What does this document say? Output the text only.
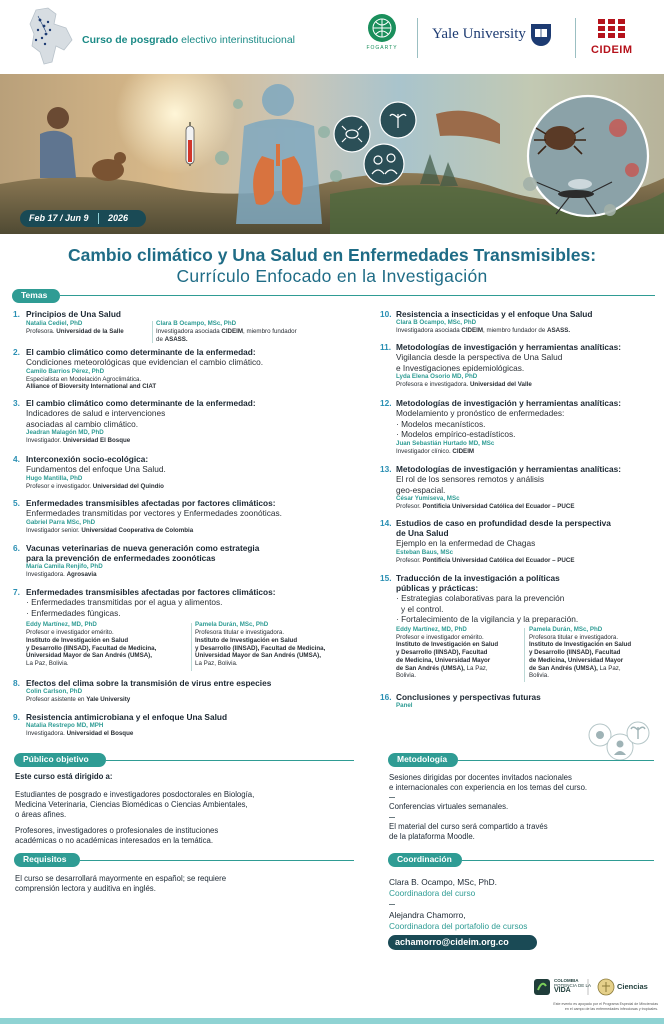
Curso de posgrado electivo interinstitucional
FOGARTY
Yale University
CIDEIM
Feb 17 / Jun 9 2026
Cambio climático y Una Salud en Enfermedades Transmisibles:
Currículo Enfocado en la Investigación
Temas
1. Principios de Una Salud
Natalia Cediel, PhD
Profesora. Universidad de la Salle
Clara B Ocampo, MSc, PhD
Investigadora asociada CIDEIM, miembro fundador
de ASASS.
2. El cambio climático como determinante de la enfermedad:
Condiciones meteorológicas que evidencian el cambio climático.
Camilo Barrios Pérez, PhD
Especialista en Modelación Agroclimática.
Alliance of Bioversity International and CIAT
3. El cambio climático como determinante de la enfermedad:
Indicadores de salud e intervenciones
asociadas al cambio climático.
Jeadran Malagón MD, PhD
Investigador. Universidad El Bosque
4. Interconexión socio-ecológica:
Fundamentos del enfoque Una Salud.
Hugo Mantilla, PhD
Profesor e investigador. Universidad del Quindío
5. Enfermedades transmisibles afectadas por factores climáticos:
Enfermedades transmitidas por vectores y Enfermedades zoonóticas.
Gabriel Parra MSc, PhD
Investigador senior. Universidad Cooperativa de Colombia
6. Vacunas veterinarias de nueva generación como estrategia
para la prevención de enfermedades zoonóticas
María Camila Renjifo, PhD
Investigadora. Agrosavia
7. Enfermedades transmisibles afectadas por factores climáticos:
· Enfermedades transmitidas por el agua y alimentos.
· Enfermedades fúngicas.
Eddy Martínez, MD, PhD
Profesor e investigador emérito.
Instituto de Investigación en Salud
y Desarrollo (IINSAD), Facultad de Medicina,
Universidad Mayor de San Andrés (UMSA),
La Paz, Bolivia.
Pamela Durán, MSc, PhD
Profesora titular e investigadora.
Instituto de Investigación en Salud
y Desarrollo (IINSAD), Facultad de Medicina,
Universidad Mayor de San Andrés (UMSA),
La Paz, Bolivia.
8. Efectos del clima sobre la transmisión de virus entre especies
Colin Carlson, PhD
Profesor asistente en Yale University
9. Resistencia antimicrobiana y el enfoque Una Salud
Natalia Restrepo MD, MPH
Investigadora. Universidad el Bosque
10. Resistencia a insecticidas y el enfoque Una Salud
Clara B Ocampo, MSc, PhD
Investigadora asociada CIDEIM, miembro fundador de ASASS.
11. Metodologías de investigación y herramientas analíticas:
Vigilancia desde la perspectiva de Una Salud
e Investigaciones epidemiológicas.
Lyda Elena Osorio MD, PhD
Profesora e investigadora. Universidad del Valle
12. Metodologías de investigación y herramientas analíticas:
Modelamiento y pronóstico de enfermedades:
· Modelos mecanísticos.
· Modelos empírico-estadísticos.
Juan Sebastián Hurtado MD, MSc
Investigador clínico. CIDEIM
13. Metodologías de investigación y herramientas analíticas:
El rol de los sensores remotos y análisis
geo-espacial.
César Yumiseva, MSc
Profesor. Pontificia Universidad Católica del Ecuador – PUCE
14. Estudios de caso en profundidad desde la perspectiva
de Una Salud
Ejemplo en la enfermedad de Chagas
Esteban Baus, MSc
Profesor. Pontificia Universidad Católica del Ecuador – PUCE
15. Traducción de la investigación a políticas
públicas y prácticas:
· Estrategias colaborativas para la prevención
y el control.
· Fortalecimiento de la vigilancia y la preparación.
Eddy Martínez, MD, PhD
Profesor e investigador emérito.
Instituto de Investigación en Salud
y Desarrollo (IINSAD), Facultad
de Medicina, Universidad Mayor
de San Andrés (UMSA), La Paz,
Bolivia.
Pamela Durán, MSc, PhD
Profesora titular e investigadora.
Instituto de Investigación en Salud
y Desarrollo (IINSAD), Facultad
de Medicina, Universidad Mayor
de San Andrés (UMSA), La Paz,
Bolivia.
16. Conclusiones y perspectivas futuras
Panel
Público objetivo
Este curso está dirigido a:
Estudiantes de posgrado e investigadores posdoctorales en Biología,
Medicina Veterinaria, Ciencias Biomédicas o Ciencias Ambientales,
o áreas afines.
Profesores, investigadores o profesionales de instituciones
académicas o no académicas interesados en la temática.
Requisitos
El curso se desarrollará mayormente en español; se requiere
comprensión lectora y auditiva en inglés.
Metodología
Sesiones dirigidas por docentes invitados nacionales
e internacionales con experiencia en los temas del curso.
Conferencias virtuales semanales.
El material del curso será compartido a través
de la plataforma Moodle.
Coordinación
Clara B. Ocampo, MSc, PhD.
Coordinadora del curso
Alejandra Chamorro,
Coordinadora del portafolio de cursos
achamorro@cideim.org.co
COLOMBIA
POTENCIA DE LA
VIDA	Ciencias
Este evento es apoyado por el Programa Especial de Minciencias
en el campo de las enfermedades infecciosas y tropicales.
